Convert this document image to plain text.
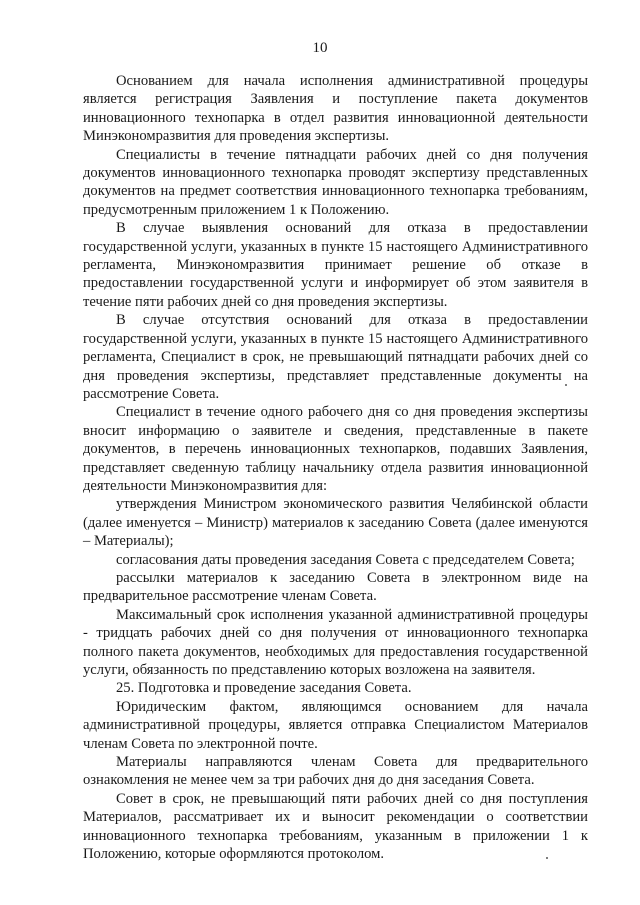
10

Основанием для начала исполнения административной процедуры является регистрация Заявления и поступление пакета документов инновационного технопарка в отдел развития инновационной деятельности Минэкономразвития для проведения экспертизы.

Специалисты в течение пятнадцати рабочих дней со дня получения документов инновационного технопарка проводят экспертизу представленных документов на предмет соответствия инновационного технопарка требованиям, предусмотренным приложением 1 к Положению.

В случае выявления оснований для отказа в предоставлении государственной услуги, указанных в пункте 15 настоящего Административного регламента, Минэкономразвития принимает решение об отказе в предоставлении государственной услуги и информирует об этом заявителя в течение пяти рабочих дней со дня проведения экспертизы.

В случае отсутствия оснований для отказа в предоставлении государственной услуги, указанных в пункте 15 настоящего Административного регламента, Специалист в срок, не превышающий пятнадцати рабочих дней со дня проведения экспертизы, представляет представленные документы на рассмотрение Совета.

Специалист в течение одного рабочего дня со дня проведения экспертизы вносит информацию о заявителе и сведения, представленные в пакете документов, в перечень инновационных технопарков, подавших Заявления, представляет сведенную таблицу начальнику отдела развития инновационной деятельности Минэкономразвития для:

утверждения Министром экономического развития Челябинской области (далее именуется – Министр) материалов к заседанию Совета (далее именуются – Материалы);

согласования даты проведения заседания Совета с председателем Совета;

рассылки материалов к заседанию Совета в электронном виде на предварительное рассмотрение членам Совета.

Максимальный срок исполнения указанной административной процедуры - тридцать рабочих дней со дня получения от инновационного технопарка полного пакета документов, необходимых для предоставления государственной услуги, обязанность по представлению которых возложена на заявителя.

25. Подготовка и проведение заседания Совета.

Юридическим фактом, являющимся основанием для начала административной процедуры, является отправка Специалистом Материалов членам Совета по электронной почте.

Материалы направляются членам Совета для предварительного ознакомления не менее чем за три рабочих дня до дня заседания Совета.

Совет в срок, не превышающий пяти рабочих дней со дня поступления Материалов, рассматривает их и выносит рекомендации о соответствии инновационного технопарка требованиям, указанным в приложении 1 к Положению, которые оформляются протоколом.
